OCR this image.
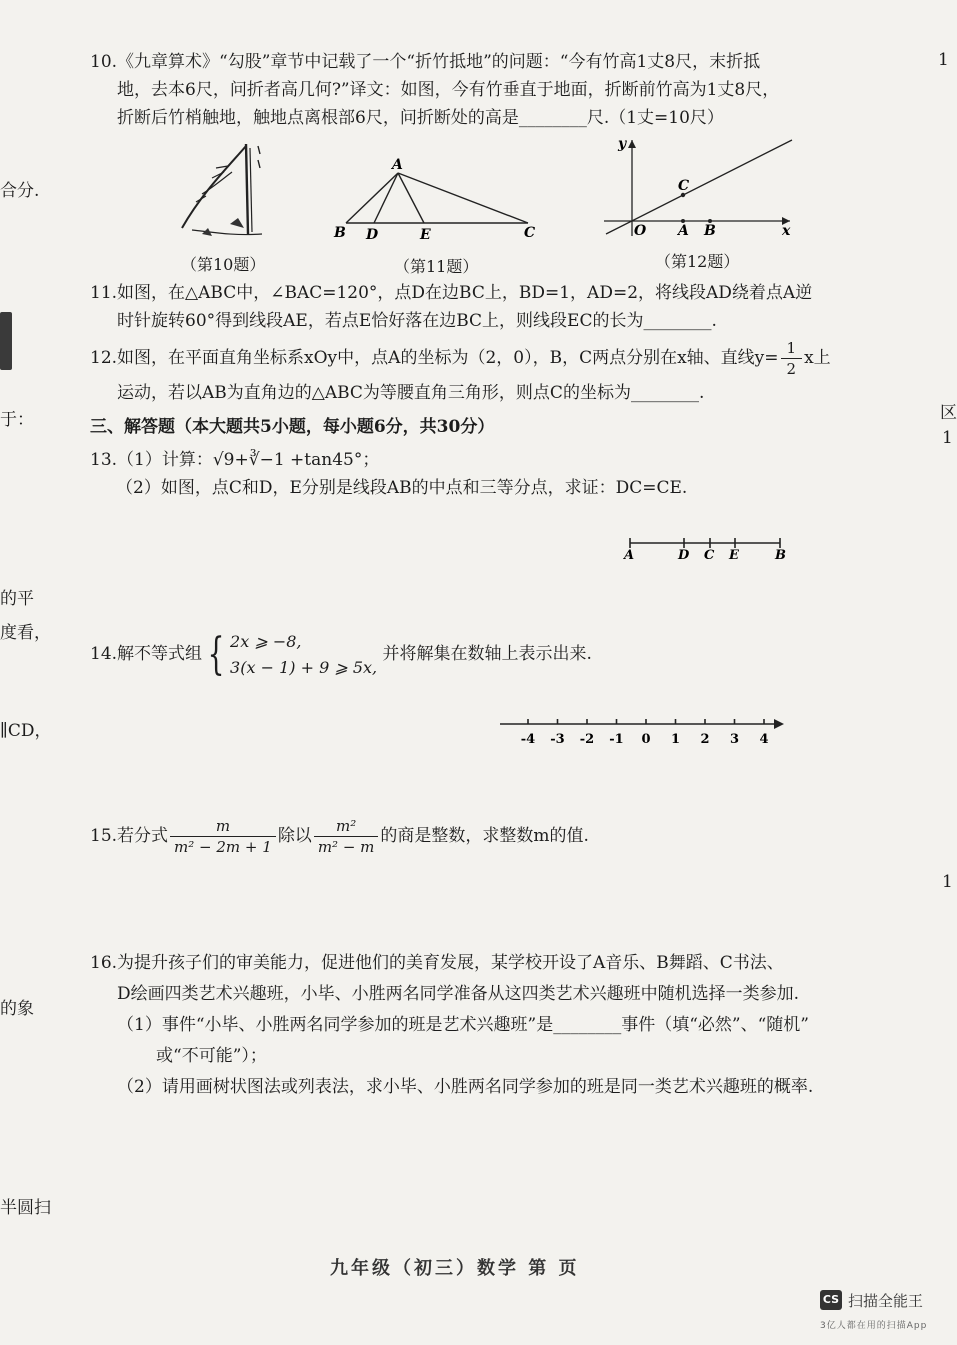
合分.
于：
的平
度看，
∥CD，
的象
半圆扫
1
区
1
1
10.《九章算术》“勾股”章节中记载了一个“折竹抵地”的问题：“今有竹高1丈8尺，末折抵
地，去本6尺，问折者高几何?”译文：如图，今有竹垂直于地面，折断前竹高为1丈8尺，
折断后竹梢触地，触地点离根部6尺，问折断处的高是________尺.（1丈=10尺）
（第10题）
A
B D	E	C
（第11题）
y
x
O A B
C
（第12题）
11.如图，在△ABC中，∠BAC=120°，点D在边BC上，BD=1，AD=2，将线段AD绕着点A逆
时针旋转60°得到线段AE，若点E恰好落在边BC上，则线段EC的长为________.
12.如图，在平面直角坐标系xOy中，点A的坐标为（2，0），B，C两点分别在x轴、直线$y= \frac{1}{2}$ x上
运动，若以AB为直角边的△ABC为等腰直角三角形，则点C的坐标为________.
三、解答题（本大题共5小题，每小题6分，共30分）
13.（1）计算：√9+∛−1 +tan45°；
（2）如图，点C和D，E分别是线段AB的中点和三等分点，求证：DC=CE.
A	D C E	B
14.解不等式组 { 2x ⩾ −8,
3(x − 1) + 9 ⩾ 5x,
并将解集在数轴上表示出来.
-4 -3 -2 -1 0 1 2 3 4
15.若分式 $\frac{m}{\text{m² − 2m + 1}}$ 除以 $\frac{\text{m²}}{\text{m² − m}}$ 的商是整数，求整数m的值.
16.为提升孩子们的审美能力，促进他们的美育发展，某学校开设了A音乐、B舞蹈、C书法、
D绘画四类艺术兴趣班，小毕、小胜两名同学准备从这四类艺术兴趣班中随机选择一类参加.
（1）事件“小毕、小胜两名同学参加的班是艺术兴趣班”是________事件（填“必然”、“随机”
或“不可能”）；
（2）请用画树状图法或列表法，求小毕、小胜两名同学参加的班是同一类艺术兴趣班的概率.
九年级（初三）数学 第 页
CS 扫描全能王
3亿人都在用的扫描App
